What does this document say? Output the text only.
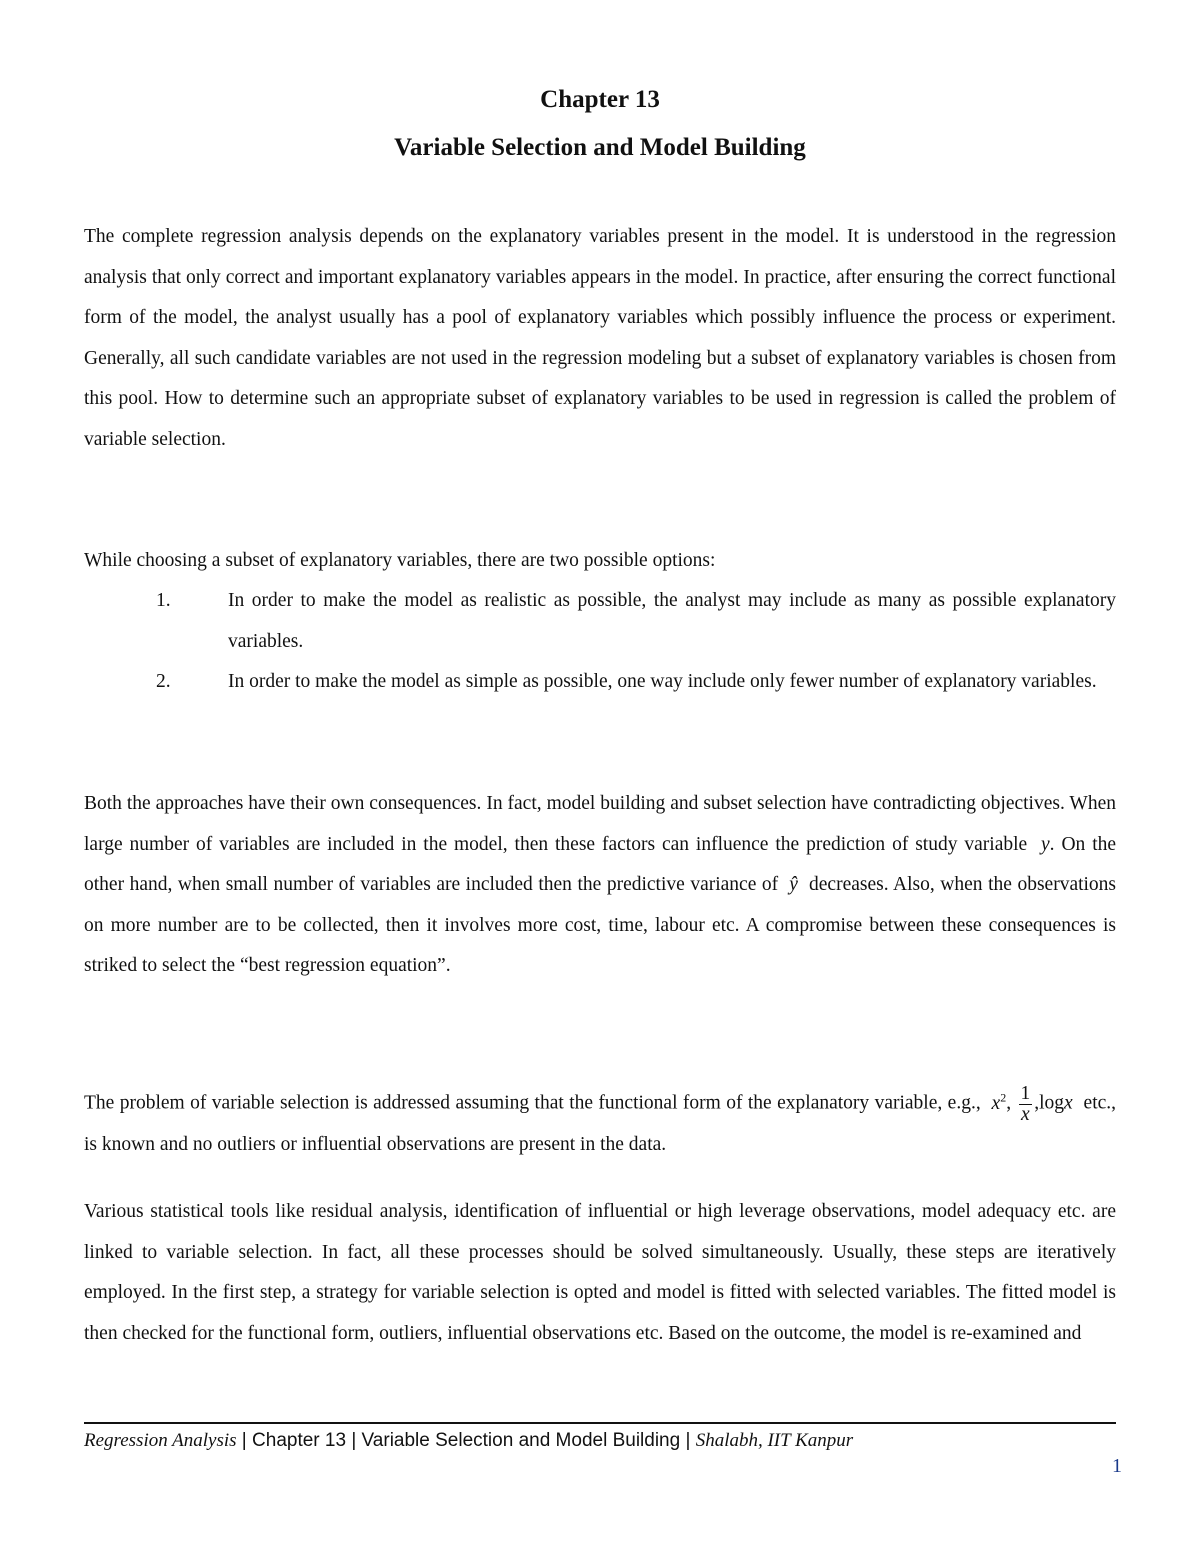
Chapter 13
Variable Selection and Model Building

The complete regression analysis depends on the explanatory variables present in the model. It is understood in the regression analysis that only correct and important explanatory variables appears in the model. In practice, after ensuring the correct functional form of the model, the analyst usually has a pool of explanatory variables which possibly influence the process or experiment. Generally, all such candidate variables are not used in the regression modeling but a subset of explanatory variables is chosen from this pool. How to determine such an appropriate subset of explanatory variables to be used in regression is called the problem of variable selection.

While choosing a subset of explanatory variables, there are two possible options:

1.	In order to make the model as realistic as possible, the analyst may include as many as possible explanatory variables.
2.	In order to make the model as simple as possible, one way include only fewer number of explanatory variables.

Both the approaches have their own consequences. In fact, model building and subset selection have contradicting objectives. When large number of variables are included in the model, then these factors can influence the prediction of study variable y. On the other hand, when small number of variables are included then the predictive variance of ŷ decreases. Also, when the observations on more number are to be collected, then it involves more cost, time, labour etc. A compromise between these consequences is striked to select the “best regression equation”.

The problem of variable selection is addressed assuming that the functional form of the explanatory variable, e.g., $x^2$, $\frac{1}{x} ,\log x$ etc., is known and no outliers or influential observations are present in the data.

Various statistical tools like residual analysis, identification of influential or high leverage observations, model adequacy etc. are linked to variable selection. In fact, all these processes should be solved simultaneously. Usually, these steps are iteratively employed. In the first step, a strategy for variable selection is opted and model is fitted with selected variables. The fitted model is then checked for the functional form, outliers, influential observations etc. Based on the outcome, the model is re-examined and

Regression Analysis | Chapter 13 | Variable Selection and Model Building | Shalabh, IIT Kanpur
1
